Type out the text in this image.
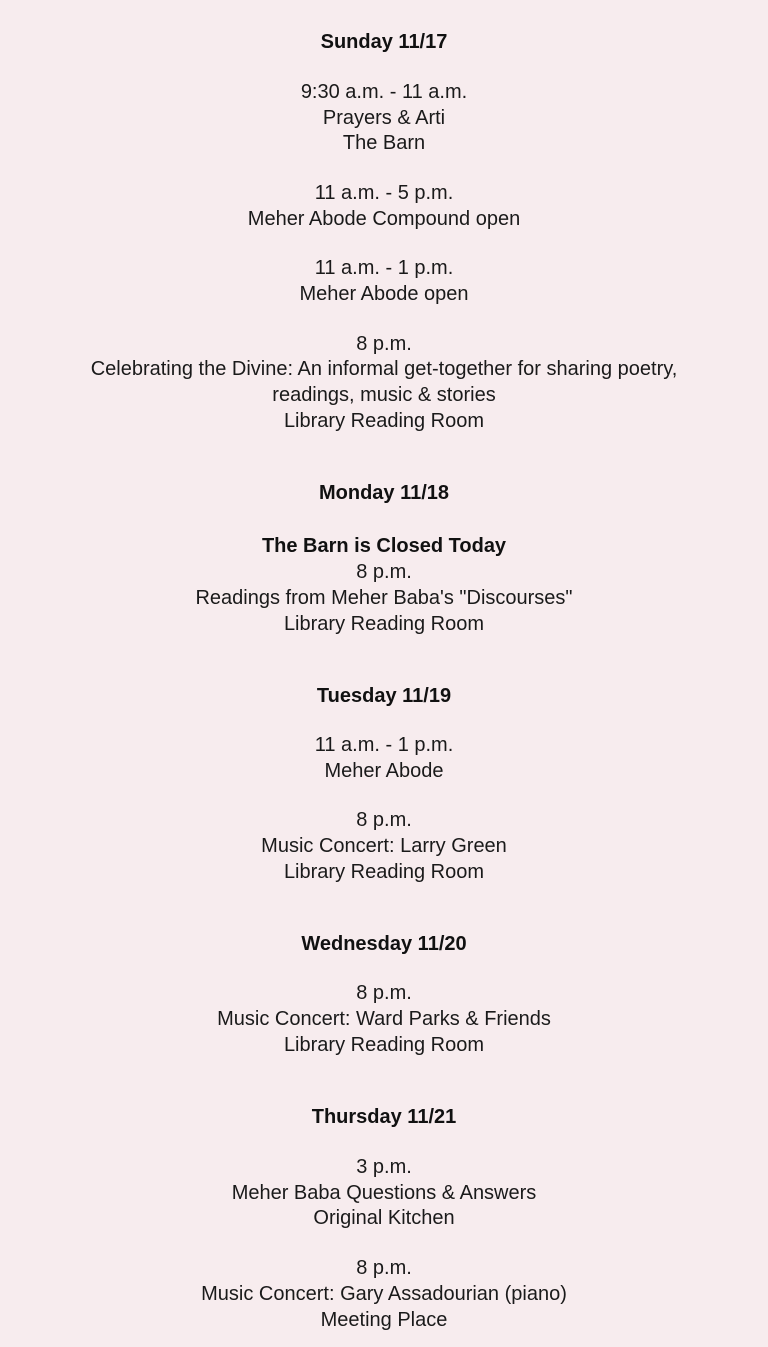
Sunday 11/17
9:30 a.m. - 11 a.m.
Prayers & Arti
The Barn
11 a.m. - 5 p.m.
Meher Abode Compound open
11 a.m. - 1 p.m.
Meher Abode open
8 p.m.
Celebrating the Divine: An informal get-together for sharing poetry,
readings, music & stories
Library Reading Room
Monday 11/18
The Barn is Closed Today
8 p.m.
Readings from Meher Baba's "Discourses"
Library Reading Room
Tuesday 11/19
11 a.m. - 1 p.m.
Meher Abode
8 p.m.
Music Concert: Larry Green
Library Reading Room
Wednesday 11/20
8 p.m.
Music Concert: Ward Parks & Friends
Library Reading Room
Thursday 11/21
3 p.m.
Meher Baba Questions & Answers
Original Kitchen
8 p.m.
Music Concert: Gary Assadourian (piano)
Meeting Place
